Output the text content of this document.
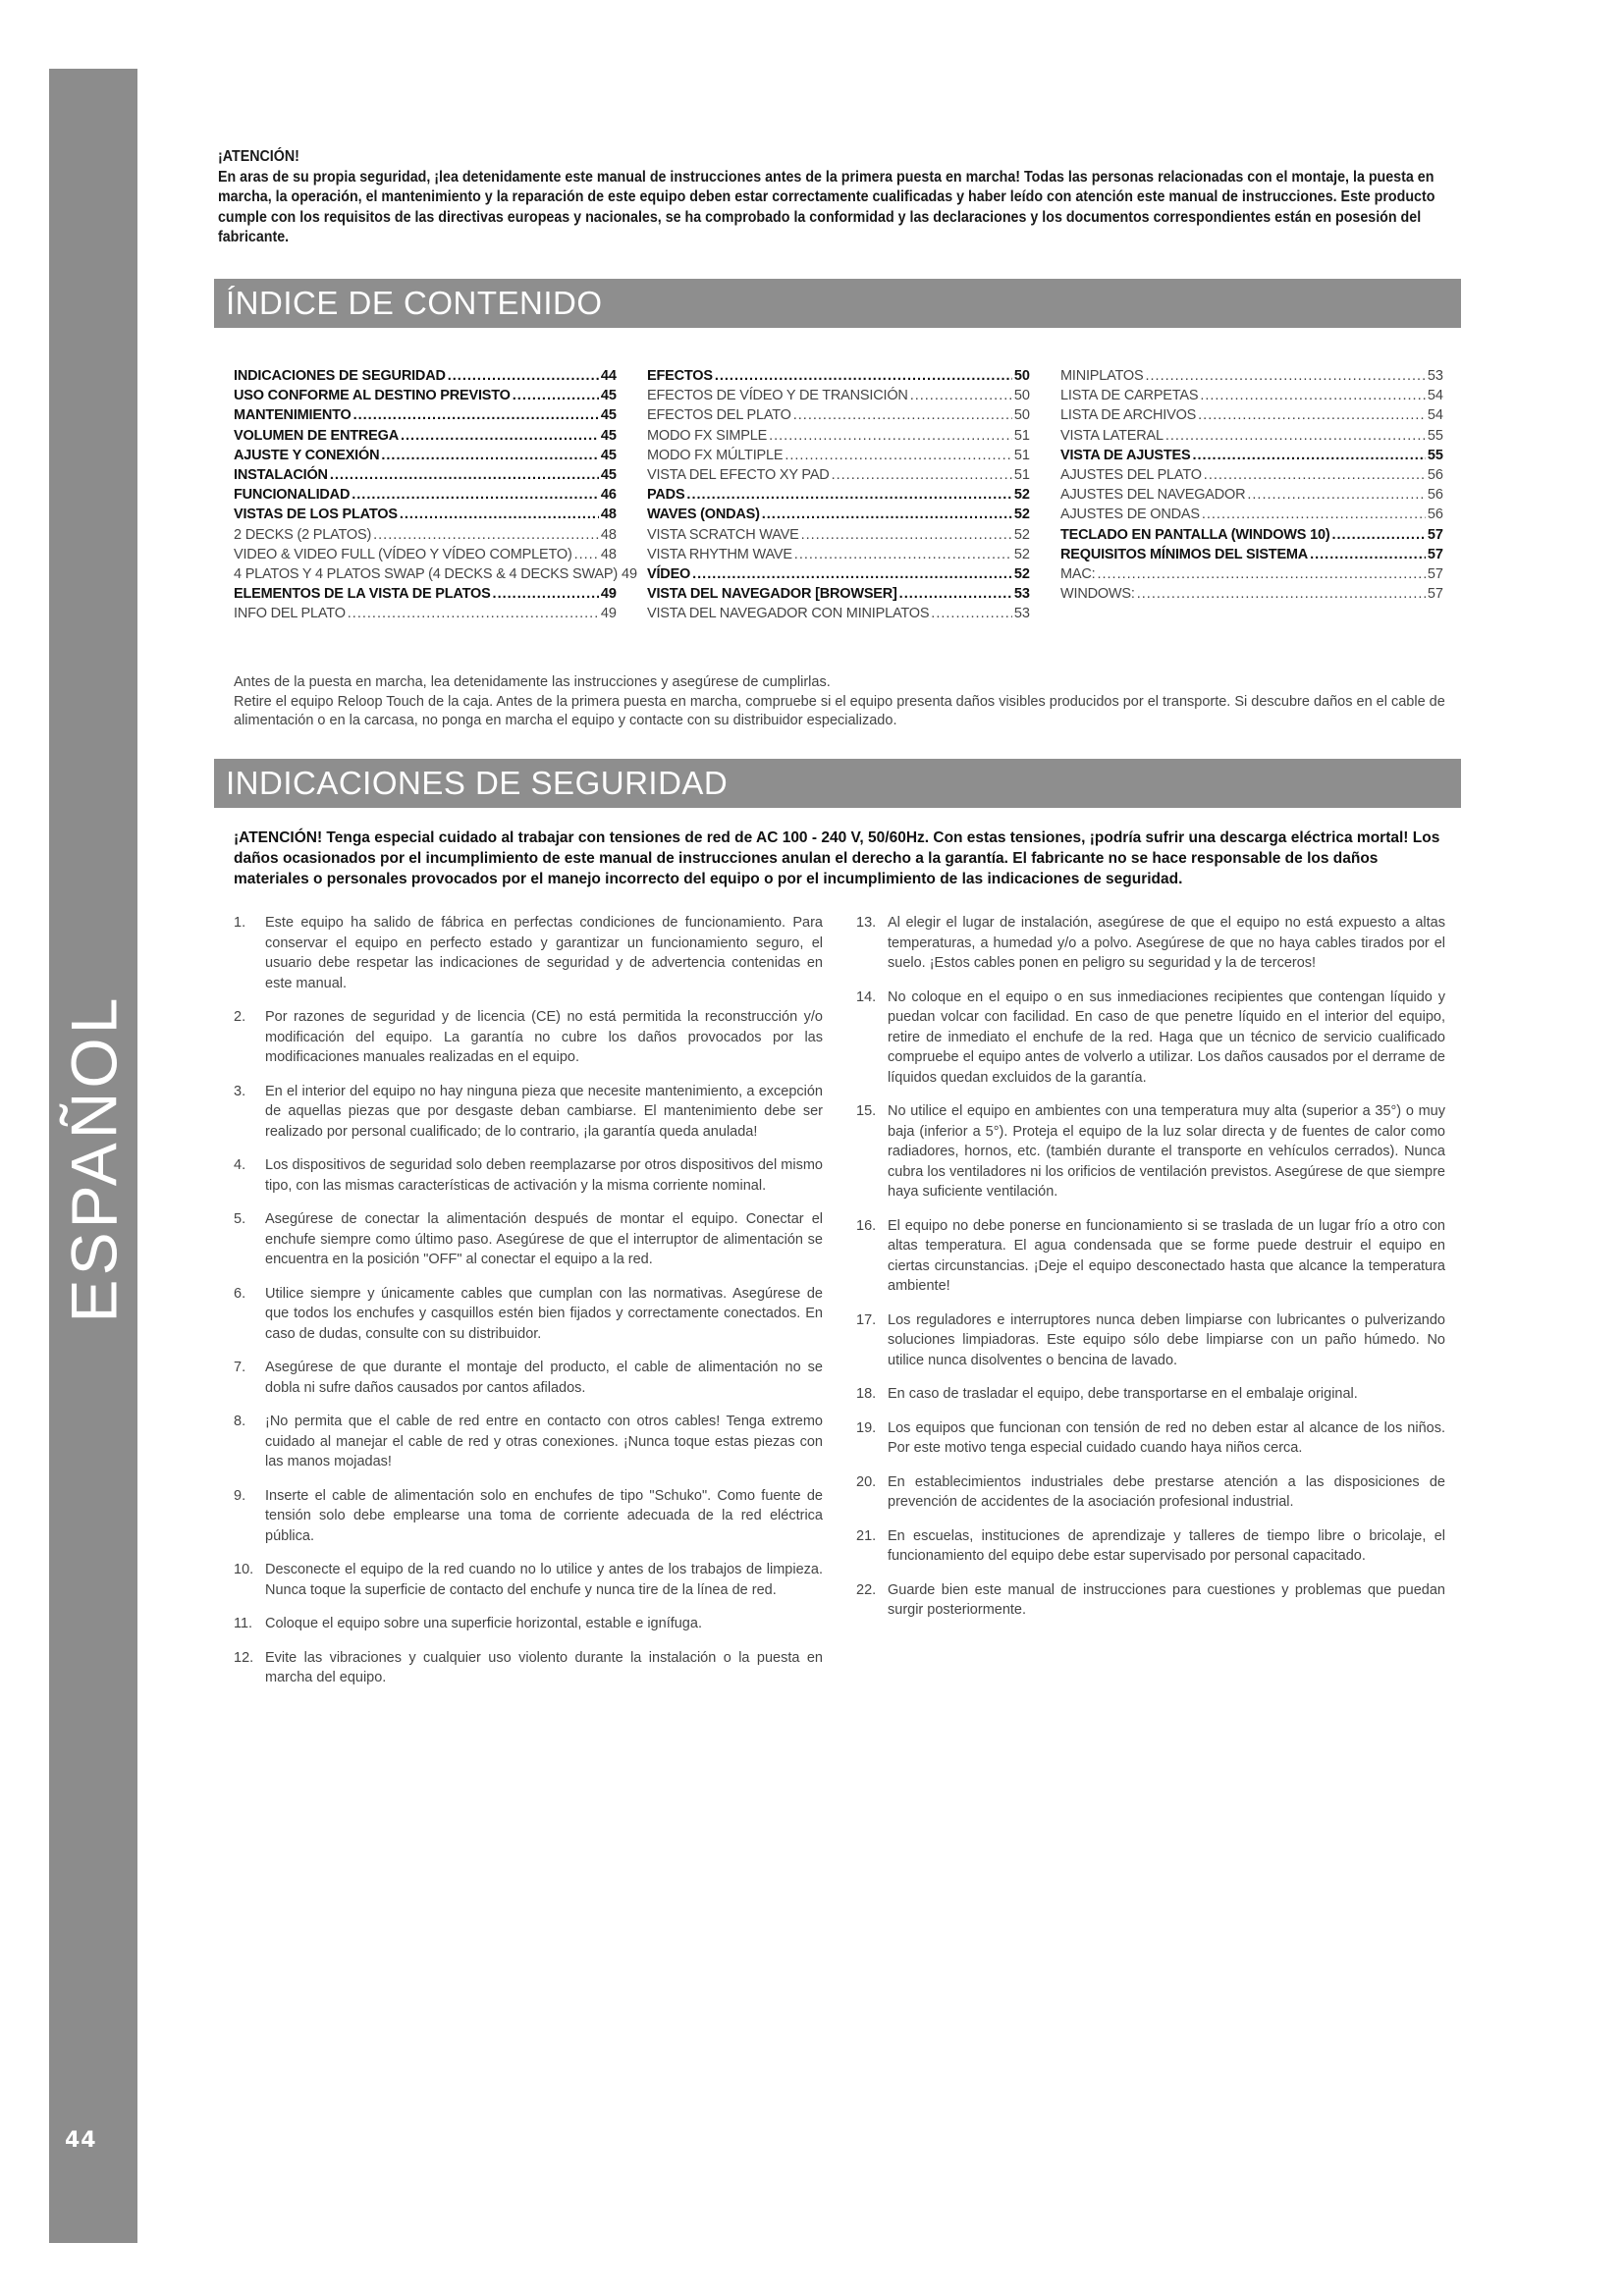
ESPAÑOL
44

¡ATENCIÓN!

En aras de su propia seguridad, ¡lea detenidamente este manual de instrucciones antes de la primera puesta en marcha! Todas las personas relacionadas con el montaje, la puesta en marcha, la operación, el mantenimiento y la reparación de este equipo deben estar correctamente cualificadas y haber leído con atención este manual de instrucciones. Este producto cumple con los requisitos de las directivas europeas y nacionales, se ha comprobado la conformidad y las declaraciones y los documentos correspondientes están en posesión del fabricante.

ÍNDICE DE CONTENIDO
INDICACIONES DE SEGURIDAD .....	44
USO CONFORME AL DESTINO PREVISTO .....	45
MANTENIMIENTO .....	45
VOLUMEN DE ENTREGA .....	45
AJUSTE Y CONEXIÓN .....	45
INSTALACIÓN .....	45
FUNCIONALIDAD .....	46
VISTAS DE LOS PLATOS .....	48
2 DECKS (2 PLATOS) .....	48
VIDEO & VIDEO FULL (VÍDEO Y VÍDEO COMPLETO) ..... 48
4 PLATOS Y 4 PLATOS SWAP (4 DECKS & 4 DECKS SWAP) 49
ELEMENTOS DE LA VISTA DE PLATOS .....	49
INFO DEL PLATO .....	49
EFECTOS .....	50
EFECTOS DE VÍDEO Y DE TRANSICIÓN .....	50
EFECTOS DEL PLATO .....	50
MODO FX SIMPLE .....	51
MODO FX MÚLTIPLE .....	51
VISTA DEL EFECTO XY PAD .....	51
PADS .....	52
WAVES (ONDAS) .....	52
VISTA SCRATCH WAVE .....	52
VISTA RHYTHM WAVE .....	52
VÍDEO .....	52
VISTA DEL NAVEGADOR [BROWSER] .....	53
VISTA DEL NAVEGADOR CON MINIPLATOS .....	53
MINIPLATOS .....	53
LISTA DE CARPETAS .....	54
LISTA DE ARCHIVOS .....	54
VISTA LATERAL .....	55
VISTA DE AJUSTES .....	55
AJUSTES DEL PLATO .....	56
AJUSTES DEL NAVEGADOR .....	56
AJUSTES DE ONDAS .....	56
TECLADO EN PANTALLA (WINDOWS 10) .....	57
REQUISITOS MÍNIMOS DEL SISTEMA .....	57
MAC: .....	57
WINDOWS: .....	57

Antes de la puesta en marcha, lea detenidamente las instrucciones y asegúrese de cumplirlas.

Retire el equipo Reloop Touch de la caja. Antes de la primera puesta en marcha, compruebe si el equipo presenta daños visibles producidos por el transporte. Si descubre daños en el cable de alimentación o en la carcasa, no ponga en marcha el equipo y contacte con su distribuidor especializado.

INDICACIONES DE SEGURIDAD
¡ATENCIÓN! Tenga especial cuidado al trabajar con tensiones de red de AC 100 - 240 V, 50/60Hz. Con estas tensiones, ¡podría sufrir una descarga eléctrica mortal! Los daños ocasionados por el incumplimiento de este manual de instrucciones anulan el derecho a la garantía. El fabricante no se hace responsable de los daños materiales o personales provocados por el manejo incorrecto del equipo o por el incumplimiento de las indicaciones de seguridad.
1.	Este equipo ha salido de fábrica en perfectas condiciones de funcionamiento. Para conservar el equipo en perfecto estado y garantizar un funcionamiento seguro, el usuario debe respetar las indicaciones de seguridad y de advertencia contenidas en este manual.
2.	Por razones de seguridad y de licencia (CE) no está permitida la reconstrucción y/o modificación del equipo. La garantía no cubre los daños provocados por las modificaciones manuales realizadas en el equipo.
3.	En el interior del equipo no hay ninguna pieza que necesite mantenimiento, a excepción de aquellas piezas que por desgaste deban cambiarse. El mantenimiento debe ser realizado por personal cualificado; de lo contrario, ¡la garantía queda anulada!
4.	Los dispositivos de seguridad solo deben reemplazarse por otros dispositivos del mismo tipo, con las mismas características de activación y la misma corriente nominal.
5.	Asegúrese de conectar la alimentación después de montar el equipo. Conectar el enchufe siempre como último paso. Asegúrese de que el interruptor de alimentación se encuentra en la posición "OFF" al conectar el equipo a la red.
6.	Utilice siempre y únicamente cables que cumplan con las normativas. Asegúrese de que todos los enchufes y casquillos estén bien fijados y correctamente conectados. En caso de dudas, consulte con su distribuidor.
7.	Asegúrese de que durante el montaje del producto, el cable de alimentación no se dobla ni sufre daños causados por cantos afilados.
8.	¡No permita que el cable de red entre en contacto con otros cables! Tenga extremo cuidado al manejar el cable de red y otras conexiones. ¡Nunca toque estas piezas con las manos mojadas!
9.	Inserte el cable de alimentación solo en enchufes de tipo "Schuko". Como fuente de tensión solo debe emplearse una toma de corriente adecuada de la red eléctrica pública.
10. Desconecte el equipo de la red cuando no lo utilice y antes de los trabajos de limpieza. Nunca toque la superficie de contacto del enchufe y nunca tire de la línea de red.
11. Coloque el equipo sobre una superficie horizontal, estable e ignífuga.
12. Evite las vibraciones y cualquier uso violento durante la instalación o la puesta en marcha del equipo.
13. Al elegir el lugar de instalación, asegúrese de que el equipo no está expuesto a altas temperaturas, a humedad y/o a polvo. Asegúrese de que no haya cables tirados por el suelo. ¡Estos cables ponen en peligro su seguridad y la de terceros!
14. No coloque en el equipo o en sus inmediaciones recipientes que contengan líquido y puedan volcar con facilidad. En caso de que penetre líquido en el interior del equipo, retire de inmediato el enchufe de la red. Haga que un técnico de servicio cualificado compruebe el equipo antes de volverlo a utilizar. Los daños causados por el derrame de líquidos quedan excluidos de la garantía.
15. No utilice el equipo en ambientes con una temperatura muy alta (superior a 35°) o muy baja (inferior a 5°). Proteja el equipo de la luz solar directa y de fuentes de calor como radiadores, hornos, etc. (también durante el transporte en vehículos cerrados). Nunca cubra los ventiladores ni los orificios de ventilación previstos. Asegúrese de que siempre haya suficiente ventilación.
16. El equipo no debe ponerse en funcionamiento si se traslada de un lugar frío a otro con altas temperatura. El agua condensada que se forme puede destruir el equipo en ciertas circunstancias. ¡Deje el equipo desconectado hasta que alcance la temperatura ambiente!
17. Los reguladores e interruptores nunca deben limpiarse con lubricantes o pulverizando soluciones limpiadoras. Este equipo sólo debe limpiarse con un paño húmedo. No utilice nunca disolventes o bencina de lavado.
18. En caso de trasladar el equipo, debe transportarse en el embalaje original.
19. Los equipos que funcionan con tensión de red no deben estar al alcance de los niños. Por este motivo tenga especial cuidado cuando haya niños cerca.
20. En establecimientos industriales debe prestarse atención a las disposiciones de prevención de accidentes de la asociación profesional industrial.
21. En escuelas, instituciones de aprendizaje y talleres de tiempo libre o bricolaje, el funcionamiento del equipo debe estar supervisado por personal capacitado.
22. Guarde bien este manual de instrucciones para cuestiones y problemas que puedan surgir posteriormente.
